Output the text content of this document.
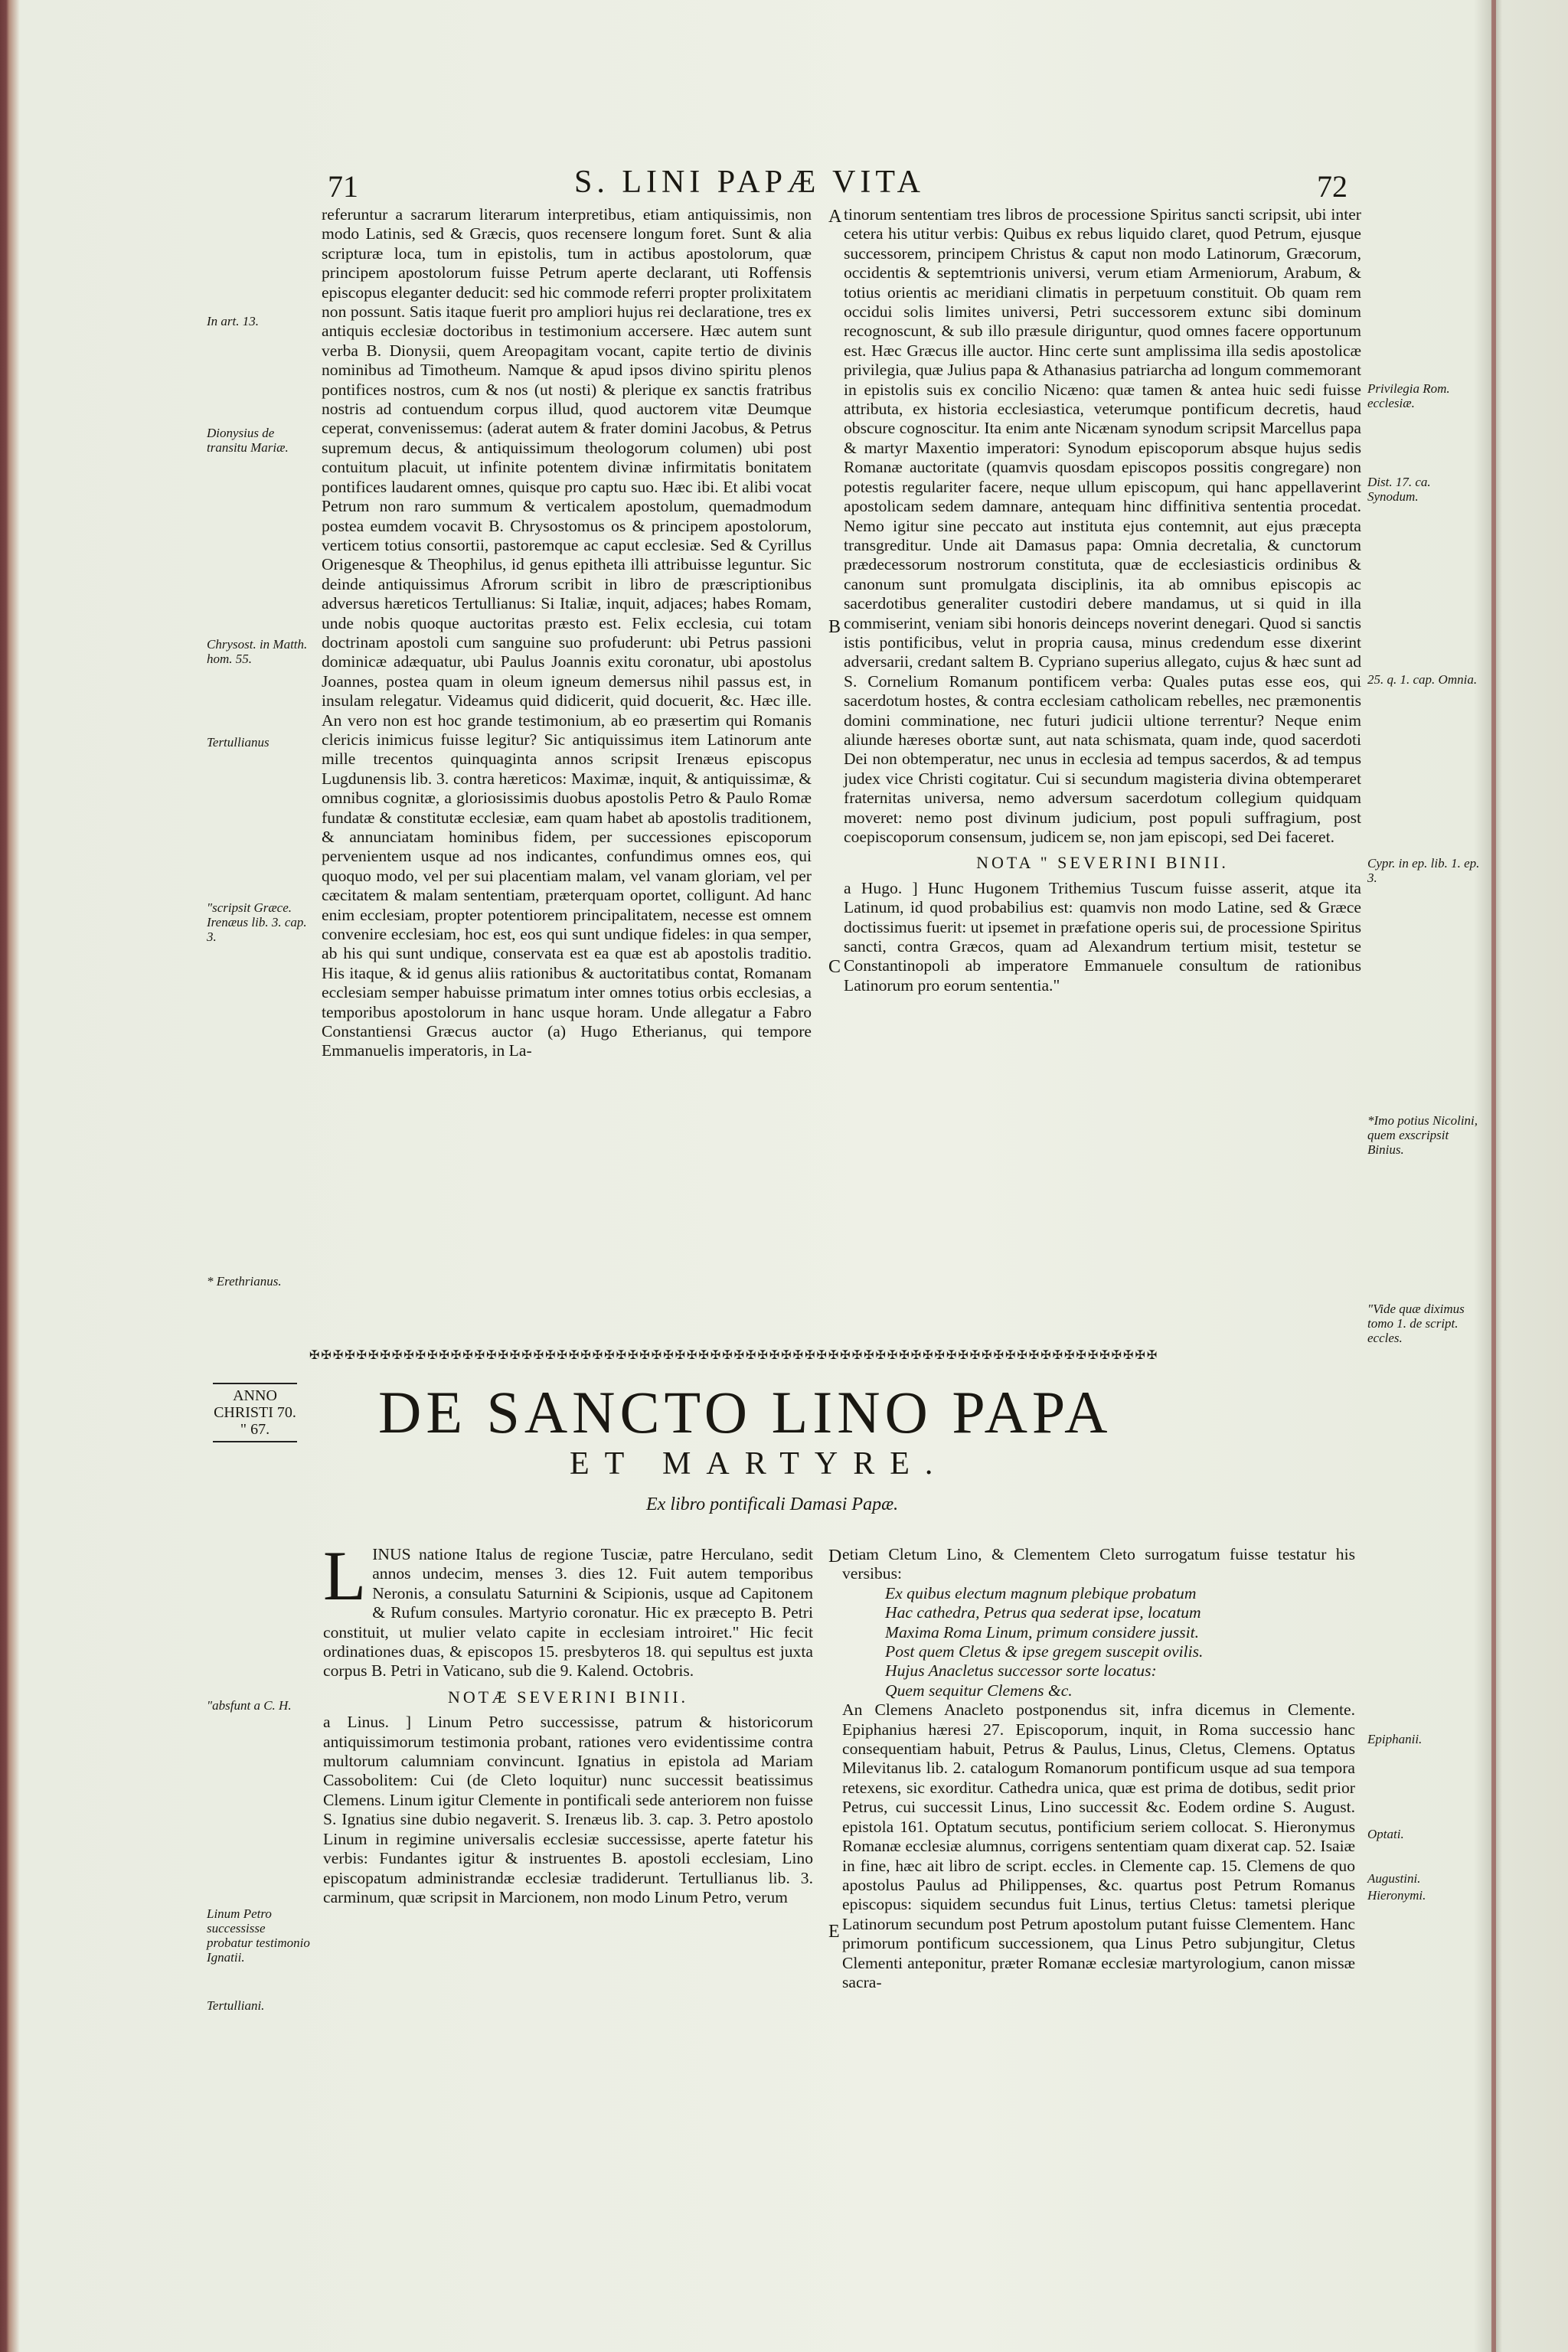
71	S. LINI PAPÆ VITA	72
A
B
C
D
E
In art. 13.
Dionysius de transitu Mariæ.
Chrysost. in Matth. hom. 55.
Tertullianus
"scripsit Græce. Irenæus lib. 3. cap. 3.
* Erethrianus.
Privilegia Rom. ecclesiæ.
Dist. 17. ca. Synodum.
25. q. 1. cap. Omnia.
Cypr. in ep. lib. 1. ep. 3.
*Imo potius Nicolini, quem exscripsit Binius.
"Vide quæ diximus tomo 1. de script. eccles.

referuntur a sacrarum literarum interpretibus, etiam antiquissimis, non modo Latinis, sed & Græcis, quos recensere longum foret. Sunt & alia scripturæ loca, tum in epistolis, tum in actibus apostolorum, quæ principem apostolorum fuisse Petrum aperte declarant, uti Roffensis episcopus eleganter deducit: sed hic commode referri propter prolixitatem non possunt. Satis itaque fuerit pro ampliori hujus rei declaratione, tres ex antiquis ecclesiæ doctoribus in testimonium accersere. Hæc autem sunt verba B. Dionysii, quem Areopagitam vocant, capite tertio de divinis nominibus ad Timotheum. Namque & apud ipsos divino spiritu plenos pontifices nostros, cum & nos (ut nosti) & plerique ex sanctis fratribus nostris ad contuendum corpus illud, quod auctorem vitæ Deumque ceperat, convenissemus: (aderat autem & frater domini Jacobus, & Petrus supremum decus, & antiquissimum theologorum columen) ubi post contuitum placuit, ut infinite potentem divinæ infirmitatis bonitatem pontifices laudarent omnes, quisque pro captu suo. Hæc ibi. Et alibi vocat Petrum non raro summum & verticalem apostolum, quemadmodum postea eumdem vocavit B. Chrysostomus os & principem apostolorum, verticem totius consortii, pastoremque ac caput ecclesiæ. Sed & Cyrillus Origenesque & Theophilus, id genus epitheta illi attribuisse leguntur. Sic deinde antiquissimus Afrorum scribit in libro de præscriptionibus adversus hæreticos Tertullianus: Si Italiæ, inquit, adjaces; habes Romam, unde nobis quoque auctoritas præsto est. Felix ecclesia, cui totam doctrinam apostoli cum sanguine suo profuderunt: ubi Petrus passioni dominicæ adæquatur, ubi Paulus Joannis exitu coronatur, ubi apostolus Joannes, postea quam in oleum igneum demersus nihil passus est, in insulam relegatur. Videamus quid didicerit, quid docuerit, &c. Hæc ille. An vero non est hoc grande testimonium, ab eo præsertim qui Romanis clericis inimicus fuisse legitur? Sic antiquissimus item Latinorum ante mille trecentos quinquaginta annos scripsit Irenæus episcopus Lugdunensis lib. 3. contra hæreticos: Maximæ, inquit, & antiquissimæ, & omnibus cognitæ, a gloriosissimis duobus apostolis Petro & Paulo Romæ fundatæ & constitutæ ecclesiæ, eam quam habet ab apostolis traditionem, & annunciatam hominibus fidem, per successiones episcoporum pervenientem usque ad nos indicantes, confundimus omnes eos, qui quoquo modo, vel per sui placentiam malam, vel vanam gloriam, vel per cæcitatem & malam sententiam, præterquam oportet, colligunt. Ad hanc enim ecclesiam, propter potentiorem principalitatem, necesse est omnem convenire ecclesiam, hoc est, eos qui sunt undique fideles: in qua semper, ab his qui sunt undique, conservata est ea quæ est ab apostolis traditio. His itaque, & id genus aliis rationibus & auctoritatibus contat, Romanam ecclesiam semper habuisse primatum inter omnes totius orbis ecclesias, a temporibus apostolorum in hanc usque horam. Unde allegatur a Fabro Constantiensi Græcus auctor (a) Hugo Etherianus, qui tempore Emmanuelis imperatoris, in La-

tinorum sententiam tres libros de processione Spiritus sancti scripsit, ubi inter cetera his utitur verbis: Quibus ex rebus liquido claret, quod Petrum, ejusque successorem, principem Christus & caput non modo Latinorum, Græcorum, occidentis & septemtrionis universi, verum etiam Armeniorum, Arabum, & totius orientis ac meridiani climatis in perpetuum constituit. Ob quam rem occidui solis limites universi, Petri successorem extunc sibi dominum recognoscunt, & sub illo præsule diriguntur, quod omnes facere opportunum est. Hæc Græcus ille auctor. Hinc certe sunt amplissima illa sedis apostolicæ privilegia, quæ Julius papa & Athanasius patriarcha ad longum commemorant in epistolis suis ex concilio Nicæno: quæ tamen & antea huic sedi fuisse attributa, ex historia ecclesiastica, veterumque pontificum decretis, haud obscure cognoscitur. Ita enim ante Nicænam synodum scripsit Marcellus papa & martyr Maxentio imperatori: Synodum episcoporum absque hujus sedis Romanæ auctoritate (quamvis quosdam episcopos possitis congregare) non potestis regulariter facere, neque ullum episcopum, qui hanc appellaverint apostolicam sedem damnare, antequam hinc diffinitiva sententia procedat. Nemo igitur sine peccato aut instituta ejus contemnit, aut ejus præcepta transgreditur. Unde ait Damasus papa: Omnia decretalia, & cunctorum prædecessorum nostrorum constituta, quæ de ecclesiasticis ordinibus & canonum sunt promulgata disciplinis, ita ab omnibus episcopis ac sacerdotibus generaliter custodiri debere mandamus, ut si quid in illa commiserint, veniam sibi honoris deinceps noverint denegari. Quod si sanctis istis pontificibus, velut in propria causa, minus credendum esse dixerint adversarii, credant saltem B. Cypriano superius allegato, cujus & hæc sunt ad S. Cornelium Romanum pontificem verba: Quales putas esse eos, qui sacerdotum hostes, & contra ecclesiam catholicam rebelles, nec præmonentis domini comminatione, nec futuri judicii ultione terrentur? Neque enim aliunde hæreses obortæ sunt, aut nata schismata, quam inde, quod sacerdoti Dei non obtemperatur, nec unus in ecclesia ad tempus sacerdos, & ad tempus judex vice Christi cogitatur. Cui si secundum magisteria divina obtemperaret fraternitas universa, nemo adversum sacerdotum collegium quidquam moveret: nemo post divinum judicium, post populi suffragium, post coepiscoporum consensum, judicem se, non jam episcopi, sed Dei faceret.

NOTA " SEVERINI BINII.

a Hugo. ] Hunc Hugonem Trithemius Tuscum fuisse asserit, atque ita Latinum, id quod probabilius est: quamvis non modo Latine, sed & Græce doctissimus fuerit: ut ipsemet in præfatione operis sui, de processione Spiritus sancti, contra Græcos, quam ad Alexandrum tertium misit, testetur se Constantinopoli ab imperatore Emmanuele consultum de rationibus Latinorum pro eorum sententia."

✠✠✠✠✠✠✠✠✠✠✠✠✠✠✠✠✠✠✠✠✠✠✠✠✠✠✠✠✠✠✠✠✠✠✠✠✠✠✠✠✠✠✠✠✠✠✠✠✠✠✠✠✠✠✠✠✠✠✠✠✠✠✠✠✠✠✠✠✠✠✠✠
ANNO CHRISTI 70. " 67.	DE SANCTO LINO PAPA
ET MARTYRE.
Ex libro pontificali Damasi Papæ.
"absfunt a C. H.
Linum Petro successisse probatur testimonio Ignatii.
Tertulliani.
Epiphanii.
Optati.
Augustini.
Hieronymi.

LINUS natione Italus de regione Tusciæ, patre Herculano, sedit annos undecim, menses 3. dies 12. Fuit autem temporibus Neronis, a consulatu Saturnini & Scipionis, usque ad Capitonem & Rufum consules. Martyrio coronatur. Hic ex præcepto B. Petri constituit, ut mulier velato capite in ecclesiam introiret." Hic fecit ordinationes duas, & episcopos 15. presbyteros 18. qui sepultus est juxta corpus B. Petri in Vaticano, sub die 9. Kalend. Octobris.

NOTÆ SEVERINI BINII.

a Linus. ] Linum Petro successisse, patrum & historicorum antiquissimorum testimonia probant, rationes vero evidentissime contra multorum calumniam convincunt. Ignatius in epistola ad Mariam Cassobolitem: Cui (de Cleto loquitur) nunc successit beatissimus Clemens. Linum igitur Clemente in pontificali sede anteriorem non fuisse S. Ignatius sine dubio negaverit. S. Irenæus lib. 3. cap. 3. Petro apostolo Linum in regimine universalis ecclesiæ successisse, aperte fatetur his verbis: Fundantes igitur & instruentes B. apostoli ecclesiam, Lino episcopatum administrandæ ecclesiæ tradiderunt. Tertullianus lib. 3. carminum, quæ scripsit in Marcionem, non modo Linum Petro, verum

etiam Cletum Lino, & Clementem Cleto surrogatum fuisse testatur his versibus:

Ex quibus electum magnum plebique probatum

Hac cathedra, Petrus qua sederat ipse, locatum

Maxima Roma Linum, primum considere jussit.

Post quem Cletus & ipse gregem suscepit ovilis.

Hujus Anacletus successor sorte locatus:

Quem sequitur Clemens &c.

An Clemens Anacleto postponendus sit, infra dicemus in Clemente. Epiphanius hæresi 27. Episcoporum, inquit, in Roma successio hanc consequentiam habuit, Petrus & Paulus, Linus, Cletus, Clemens. Optatus Milevitanus lib. 2. catalogum Romanorum pontificum usque ad sua tempora retexens, sic exorditur. Cathedra unica, quæ est prima de dotibus, sedit prior Petrus, cui successit Linus, Lino successit &c. Eodem ordine S. August. epistola 161. Optatum secutus, pontificium seriem collocat. S. Hieronymus Romanæ ecclesiæ alumnus, corrigens sententiam quam dixerat cap. 52. Isaiæ in fine, hæc ait libro de script. eccles. in Clemente cap. 15. Clemens de quo apostolus Paulus ad Philippenses, &c. quartus post Petrum Romanus episcopus: siquidem secundus fuit Linus, tertius Cletus: tametsi plerique Latinorum secundum post Petrum apostolum putant fuisse Clementem. Hanc primorum pontificum successionem, qua Linus Petro subjungitur, Cletus Clementi anteponitur, præter Romanæ ecclesiæ martyrologium, canon missæ sacra-
